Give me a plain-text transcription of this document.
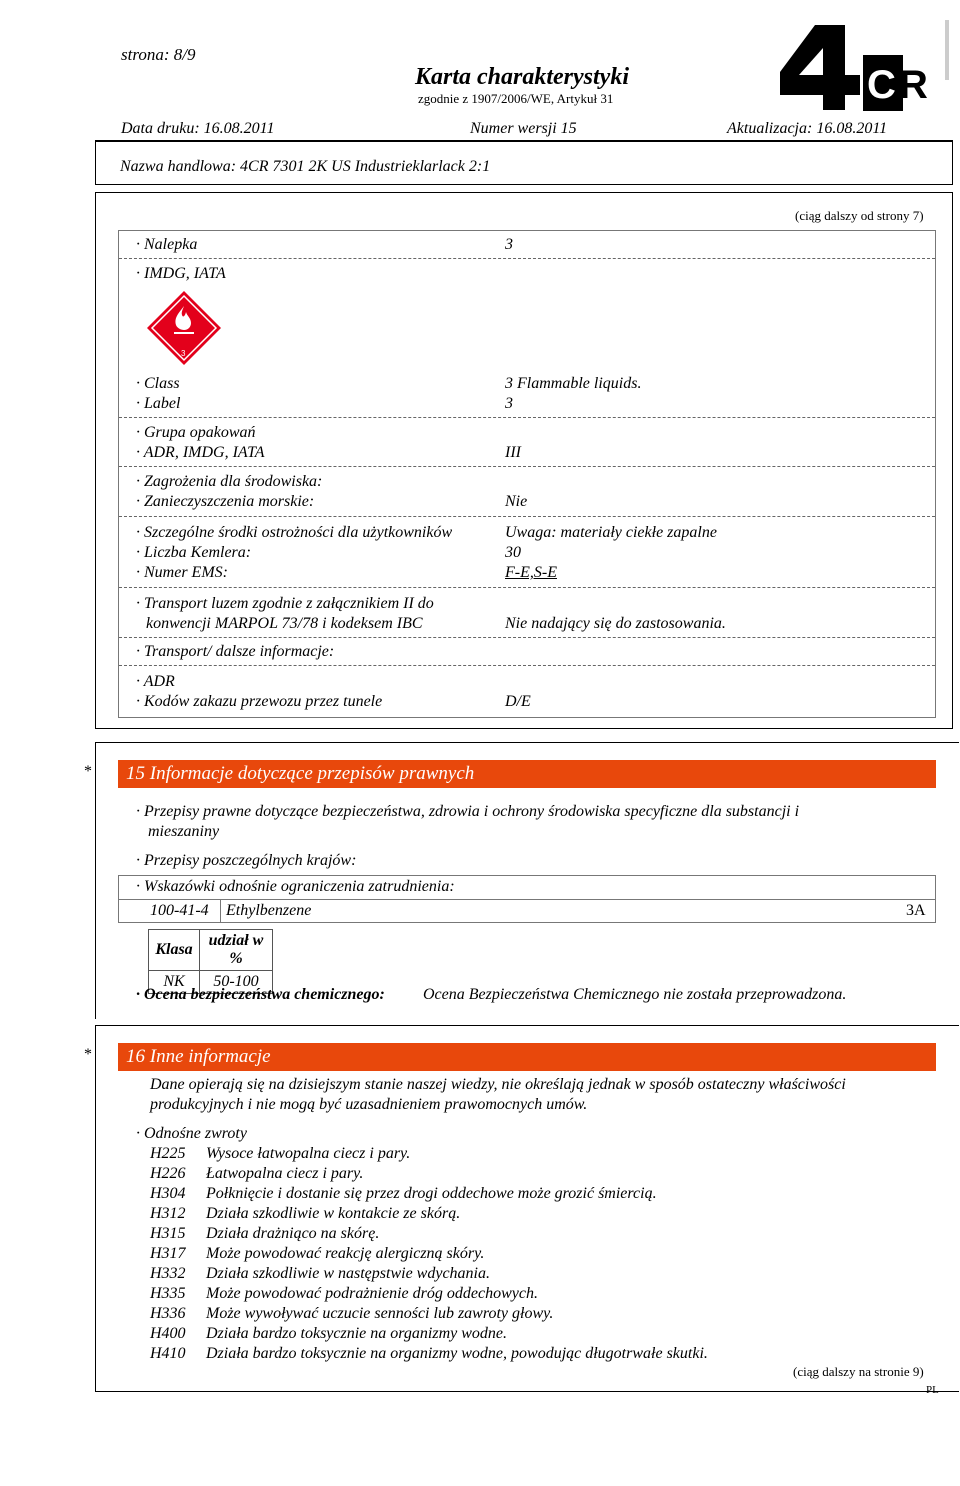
strona: 8/9
Karta charakterystyki
zgodnie z 1907/2006/WE, Artykuł 31	C R
Data druku: 16.08.2011	Numer wersji 15	Aktualizacja: 16.08.2011
Nazwa handlowa: 4CR 7301 2K US Industrieklarlack 2:1
(ciąg dalszy od strony 7)
· Nalepka	3
· IMDG, IATA
3
· Class	3 Flammable liquids.
· Label	3
· Grupa opakowań
· ADR, IMDG, IATA	III
· Zagrożenia dla środowiska:
· Zanieczyszczenia morskie:	Nie
· Szczególne środki ostrożności dla użytkowników	Uwaga: materiały ciekłe zapalne
· Liczba Kemlera:	30
· Numer EMS:	F-E,S-E
· Transport luzem zgodnie z załącznikiem II do
konwencji MARPOL 73/78 i kodeksem IBC	Nie nadający się do zastosowania.
· Transport/ dalsze informacje:
· ADR
· Kodów zakazu przewozu przez tunele	D/E
* 15 Informacje dotyczące przepisów prawnych
· Przepisy prawne dotyczące bezpieczeństwa, zdrowia i ochrony środowiska specyficzne dla substancji i
mieszaniny
· Przepisy poszczególnych krajów:
· Wskazówki odnośnie ograniczenia zatrudnienia:
100-41-4 Ethylbenzene	3A
Klasa	udział w %
NK	50-100
· Ocena bezpieczeństwa chemicznego: Ocena Bezpieczeństwa Chemicznego nie została przeprowadzona.
* 16 Inne informacje
Dane opierają się na dzisiejszym stanie naszej wiedzy, nie określają jednak w sposób ostateczny właściwości
produkcyjnych i nie mogą być uzasadnieniem prawomocnych umów.
· Odnośne zwroty
H225 Wysoce łatwopalna ciecz i pary.
H226 Łatwopalna ciecz i pary.
H304 Połknięcie i dostanie się przez drogi oddechowe może grozić śmiercią.
H312 Działa szkodliwie w kontakcie ze skórą.
H315 Działa drażniąco na skórę.
H317 Może powodować reakcję alergiczną skóry.
H332 Działa szkodliwie w następstwie wdychania.
H335 Może powodować podrażnienie dróg oddechowych.
H336 Może wywoływać uczucie senności lub zawroty głowy.
H400 Działa bardzo toksycznie na organizmy wodne.
H410 Działa bardzo toksycznie na organizmy wodne, powodując długotrwałe skutki.
(ciąg dalszy na stronie 9)
PL
